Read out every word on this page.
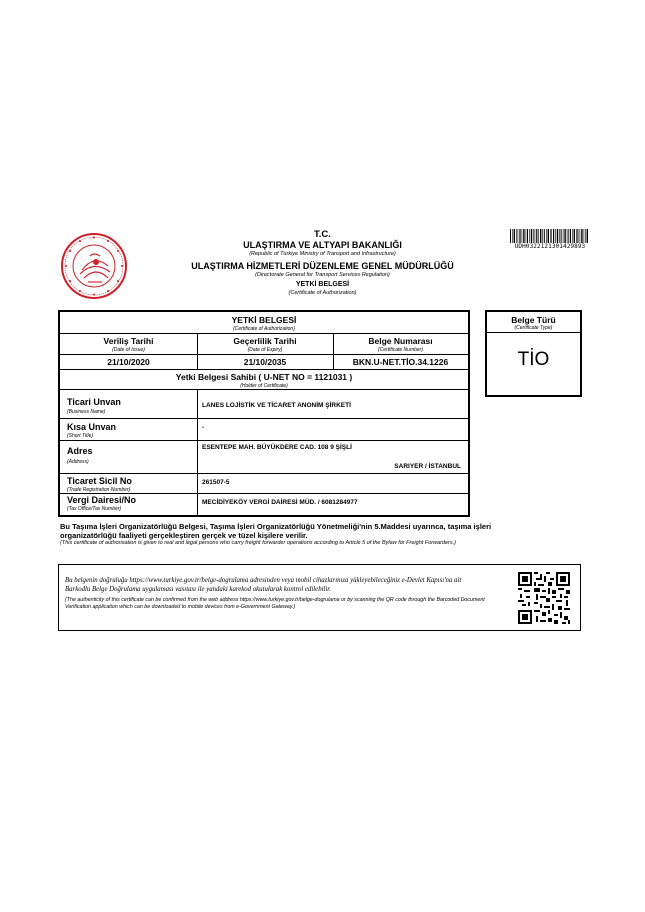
T.C.
ULAŞTIRMA VE ALTYAPI BAKANLIĞI
(Republic of Türkiye Ministry of Transport and Infrastructure)
ULAŞTIRMA HİZMETLERİ DÜZENLEME GENEL MÜDÜRLÜĞÜ
(Directorate General for Transport Services Regulation)
YETKİ BELGESİ
(Certificate of Authorization)
UDH0322121301429893
YETKİ BELGESİ
(Certificate of Authorization)
Veriliş Tarihi
(Date of Issue)
Geçerlilik Tarihi
(Date of Expiry)
Belge Numarası
(Certificate Number)
21/10/2020	21/10/2035	BKN.U-NET.TİO.34.1226
Yetki Belgesi Sahibi ( U-NET NO = 1121031 )
(Holder of Certificate)
Ticari Unvan
(Business Name)
LANES LOJİSTİK VE TİCARET ANONİM ŞİRKETİ
Kısa Unvan
(Short Title)
-
Adres
(Address)
ESENTEPE MAH. BÜYÜKDERE CAD. 108 9 ŞİŞLİ
SARIYER / İSTANBUL
Ticaret Sicil No
(Trade Registration Number)
261507-5
Vergi Dairesi/No
(Tax Office/Tax Number)
MECİDİYEKÖY VERGİ DAİRESİ MÜD. / 6081284977
Belge Türü
(Certificate Type)
TİO
Bu Taşıma İşleri Organizatörlüğü Belgesi, Taşıma İşleri Organizatörlüğü Yönetmeliği'nin 5.Maddesi uyarınca, taşıma işleri organizatörlüğü faaliyeti gerçekleştiren gerçek ve tüzel kişilere verilir.
(This certificate of authorisation is given to real and legal persons who carry freight forwarder operations according to Article 5 of the Bylaw for Freight Forwarders.)
Bu belgenin doğruluğu https://www.turkiye.gov.tr/belge-dogrulama adresinden veya mobil cihazlarınıza yükleyebileceğiniz e-Devlet Kapısı'na ait Barkodlu Belge Doğrulama uygulaması vasıtası ile yandaki karekod okutularak kontrol edilebilir.
(The authenticity of this certificate can be confirmed from the web address https://www.turkiye.gov.tr/belge-dogrulama or by scanning the QR code through the Barcoded Document Verification application which can be downloaded to mobile devices from e-Government Gateway.)
